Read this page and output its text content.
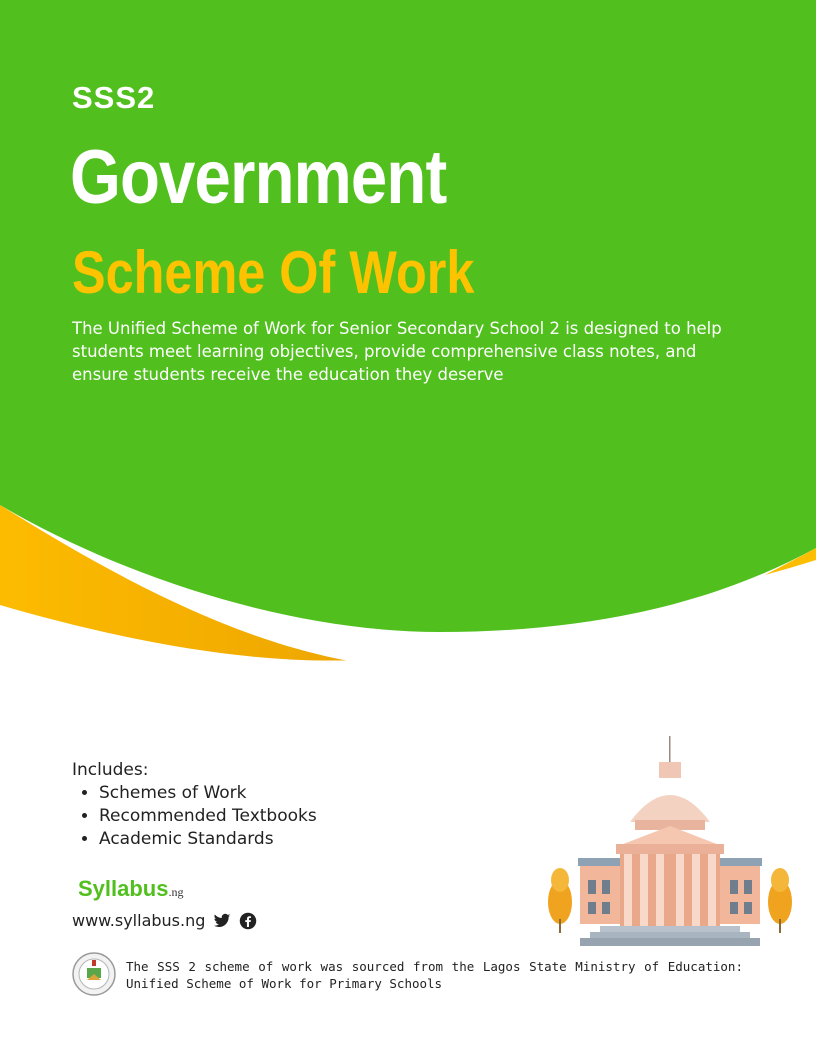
SSS2
Government
Scheme Of Work

The Unified Scheme of Work for Senior Secondary School 2 is designed to help students meet learning objectives, provide comprehensive class notes, and ensure students receive the education they deserve

Includes:

• Schemes of Work
• Recommended Textbooks
• Academic Standards
Syllabus.ng
www.syllabus.ng

The SSS 2 scheme of work was sourced from the Lagos State Ministry of Education: Unified Scheme of Work for Primary Schools
